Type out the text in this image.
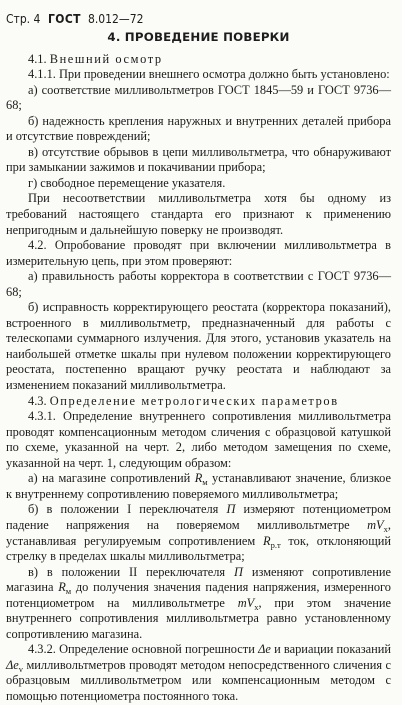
Стр. 4 ГОСТ 8.012—72
4. ПРОВЕДЕНИЕ ПОВЕРКИ

4.1. Внешний осмотр

4.1.1. При проведении внешнего осмотра должно быть установлено:

а) соответствие милливольтметров ГОСТ 1845—59 и ГОСТ 9736—68;

б) надежность крепления наружных и внутренних деталей прибора и отсутствие повреждений;

в) отсутствие обрывов в цепи милливольтметра, что обнаруживают при замыкании зажимов и покачивании прибора;

г) свободное перемещение указателя.

При несоответствии милливольтметра хотя бы одному из требований настоящего стандарта его признают к применению непригодным и дальнейшую поверку не производят.

4.2. Опробование проводят при включении милливольтметра в измерительную цепь, при этом проверяют:

а) правильность работы корректора в соответствии с ГОСТ 9736—68;

б) исправность корректирующего реостата (корректора показаний), встроенного в милливольтметр, предназначенный для работы с телескопами суммарного излучения. Для этого, установив указатель на наибольшей отметке шкалы при нулевом положении корректирующего реостата, постепенно вращают ручку реостата и наблюдают за изменением показаний милливольтметра.

4.3. Определение метрологических параметров

4.3.1. Определение внутреннего сопротивления милливольтметра проводят компенсационным методом сличения с образцовой катушкой по схеме, указанной на черт. 2, либо методом замещения по схеме, указанной на черт. 1, следующим образом:

а) на магазине сопротивлений $R_м$ устанавливают значение, близкое к внутреннему сопротивлению поверяемого милливольтметра;

б) в положении I переключателя П измеряют потенциометром падение напряжения на поверяемом милливольтметре $mV_x$, устанавливая регулируемым сопротивлением $R_{р.т}$ ток, отклоняющий стрелку в пределах шкалы милливольтметра;

в) в положении II переключателя П изменяют сопротивление магазина $R_м$ до получения значения падения напряжения, измеренного потенциометром на милливольтметре $mV_x$, при этом значение внутреннего сопротивления милливольтметра равно установленному сопротивлению магазина.

4.3.2. Определение основной погрешности Δe и вариации показаний $\Delta e_v$ милливольтметров проводят методом непосредственного сличения с образцовым милливольтметром или компенсационным методом с помощью потенциометра постоянного тока.
